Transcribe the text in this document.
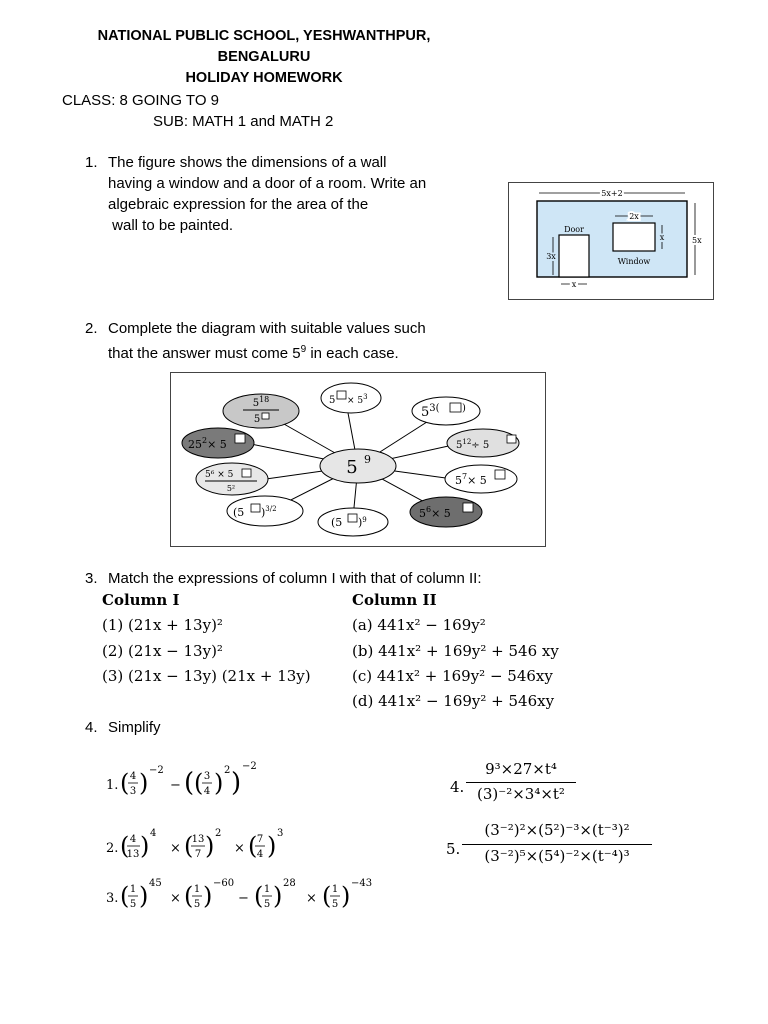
NATIONAL PUBLIC SCHOOL, YESHWANTHPUR,
BENGALURU
HOLIDAY HOMEWORK
CLASS: 8 GOING TO 9
SUB: MATH 1 and MATH 2
1. The figure shows the dimensions of a wall
having a window and a door of a room. Write an
algebraic expression for the area of the
wall to be painted.
5x+2
2x
x	5x
Door
3x
Window
x
2. Complete the diagram with suitable values such
that the answer must come $5^9$ in each case.
5 9
$5^{18}$
5
$5 \times 5^3$
$5^{3(}$ )
$5^{12}\div 5$
$5^7\times 5$
$5^6\times 5$
(5 )$^9$
(5 )$^{3/2}$
5⁶ × 5
5²
$25^2\times 5$
3. Match the expressions of column I with that of column II:
Column I	Column II
(1) (21x + 13y)²
(2) (21x − 13y)²
(3) (21x − 13y) (21x + 13y)
(a) 441x² − 169y²
(b) 441x² + 169y² + 546 xy
(c) 441x² + 169y² − 546xy
(d) 441x² − 169y² + 546xy
4. Simplify
1. ( 4
3 ) −2
− ( ( 3
4 ) 2 )
−2
2. ( 4
13 ) 4
× (
13
7 ) 2
× ( 7
4 ) 3
3. ( 1
5 ) 45
× ( 1
5 ) −60
− ( 1
5 ) 28
× ( 1
5 ) −43
4.
9³×27×t⁴
(3)⁻²×3⁴×t²
5.
(3⁻²)²×(5²)⁻³×(t⁻³)²
(3⁻²)⁵×(5⁴)⁻²×(t⁻⁴)³
